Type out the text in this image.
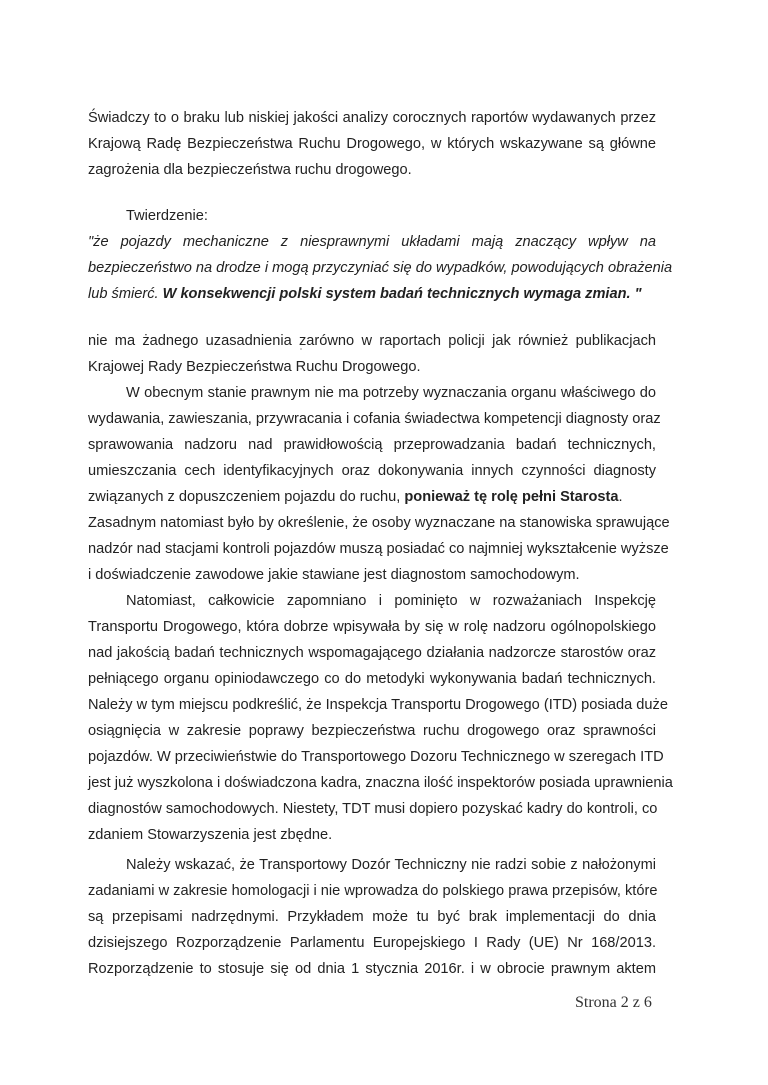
Świadczy to o braku lub niskiej jakości analizy corocznych raportów wydawanych przez
Krajową Radę Bezpieczeństwa Ruchu Drogowego, w których wskazywane są główne
zagrożenia dla bezpieczeństwa ruchu drogowego.
Twierdzenie:
"że pojazdy mechaniczne z niesprawnymi układami mają znaczący wpływ na
bezpieczeństwo na drodze i mogą przyczyniać się do wypadków, powodujących obrażenia
lub śmierć. W konsekwencji polski system badań technicznych wymaga zmian. "
nie ma żadnego uzasadnienia zarówno w raportach policji jak również publikacjach
Krajowej Rady Bezpieczeństwa Ruchu Drogowego.
W obecnym stanie prawnym nie ma potrzeby wyznaczania organu właściwego do
wydawania, zawieszania, przywracania i cofania świadectwa kompetencji diagnosty oraz
sprawowania nadzoru nad prawidłowością przeprowadzania badań technicznych,
umieszczania cech identyfikacyjnych oraz dokonywania innych czynności diagnosty
związanych z dopuszczeniem pojazdu do ruchu, ponieważ tę rolę pełni Starosta.
Zasadnym natomiast było by określenie, że osoby wyznaczane na stanowiska sprawujące
nadzór nad stacjami kontroli pojazdów muszą posiadać co najmniej wykształcenie wyższe
i doświadczenie zawodowe jakie stawiane jest diagnostom samochodowym.
Natomiast, całkowicie zapomniano i pominięto w rozważaniach Inspekcję
Transportu Drogowego, która dobrze wpisywała by się w rolę nadzoru ogólnopolskiego
nad jakością badań technicznych wspomagającego działania nadzorcze starostów oraz
pełniącego organu opiniodawczego co do metodyki wykonywania badań technicznych.
Należy w tym miejscu podkreślić, że Inspekcja Transportu Drogowego (ITD) posiada duże
osiągnięcia w zakresie poprawy bezpieczeństwa ruchu drogowego oraz sprawności
pojazdów. W przeciwieństwie do Transportowego Dozoru Technicznego w szeregach ITD
jest już wyszkolona i doświadczona kadra, znaczna ilość inspektorów posiada uprawnienia
diagnostów samochodowych. Niestety, TDT musi dopiero pozyskać kadry do kontroli, co
zdaniem Stowarzyszenia jest zbędne.
Należy wskazać, że Transportowy Dozór Techniczny nie radzi sobie z nałożonymi
zadaniami w zakresie homologacji i nie wprowadza do polskiego prawa przepisów, które
są przepisami nadrzędnymi. Przykładem może tu być brak implementacji do dnia
dzisiejszego Rozporządzenie Parlamentu Europejskiego I Rady (UE) Nr 168/2013.
Rozporządzenie to stosuje się od dnia 1 stycznia 2016r. i w obrocie prawnym aktem
Strona 2 z 6
